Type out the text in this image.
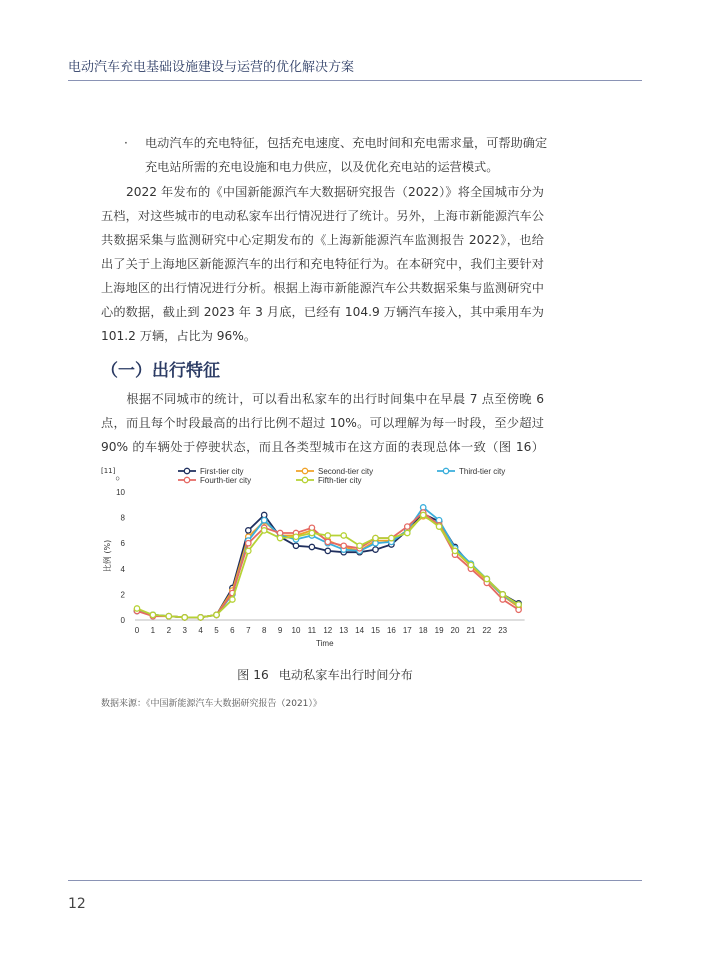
电动汽车充电基础设施建设与运营的优化解决方案
·	电动汽车的充电特征，包括充电速度、充电时间和充电需求量，可帮助确定充电站所需的充电设施和电力供应，以及优化充电站的运营模式。
2022 年发布的《中国新能源汽车大数据研究报告（2022）》将全国城市分为五档，对这些城市的电动私家车出行情况进行了统计。另外，上海市新能源汽车公共数据采集与监测研究中心定期发布的《上海新能源汽车监测报告 2022》，也给出了关于上海地区新能源汽车的出行和充电特征行为。在本研究中，我们主要针对上海地区的出行情况进行分析。根据上海市新能源汽车公共数据采集与监测研究中心的数据，截止到 2023 年 3 月底，已经有 104.9 万辆汽车接入，其中乘用车为 101.2 万辆，占比为 96%。
（一）出行特征
根据不同城市的统计，可以看出私家车的出行时间集中在早晨 7 点至傍晚 6 点，而且每个时段最高的出行比例不超过 10%。可以理解为每一时段，至少超过 90% 的车辆处于停驶状态，而且各类型城市在这方面的表现总体一致（图 16）[11]。
0
2
4
6
8
10
0 1 2 3 4 5 6 7 8 9 10 11 12 13 14 15 16 17 18 19 20 21 22 23
Time
比例 (%)
First-tier city	Second-tier city	Third-tier city
Fourth-tier city	Fifth-tier city
图 16 电动私家车出行时间分布
数据来源：《中国新能源汽车大数据研究报告（2021）》
12
